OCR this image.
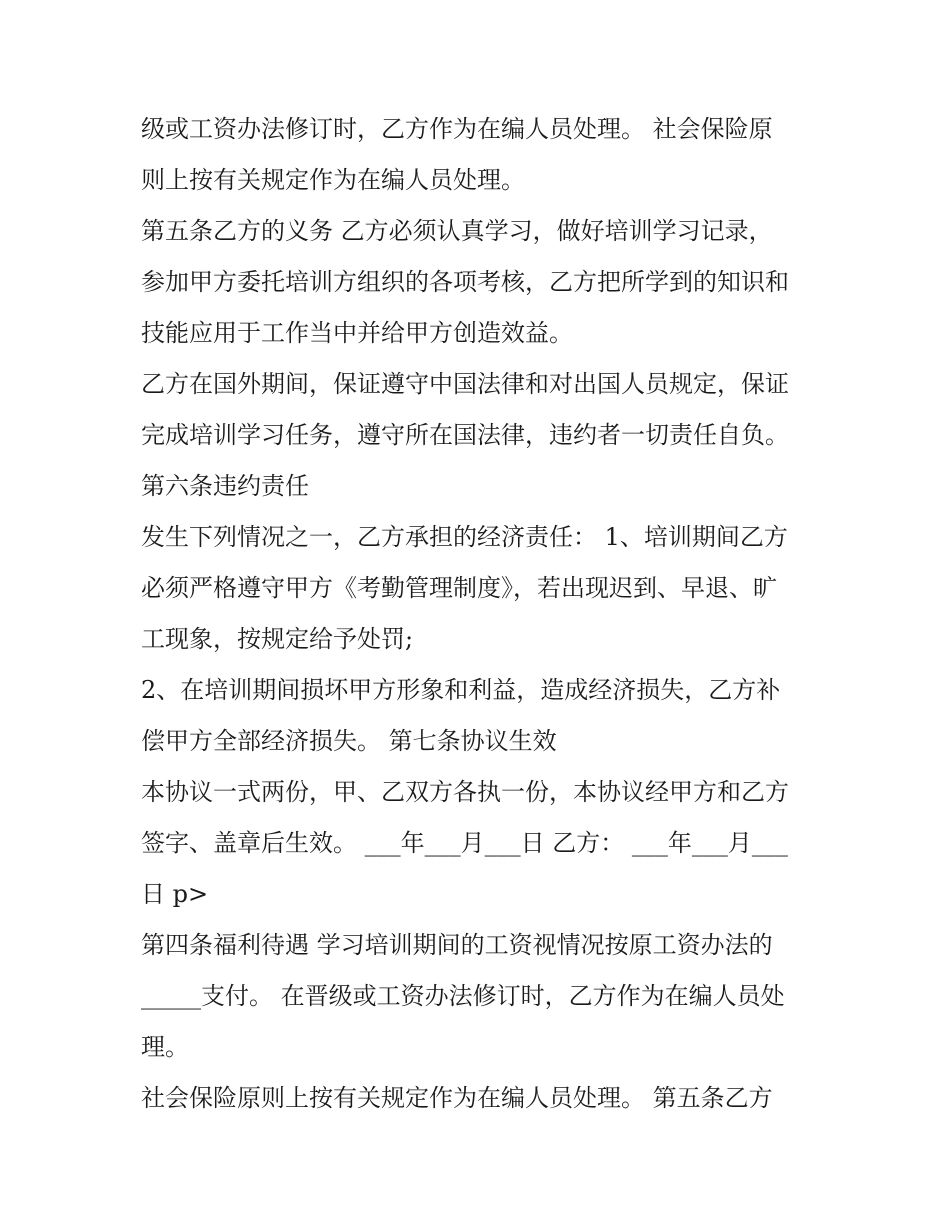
级或工资办法修订时，乙方作为在编人员处理。 社会保险原
则上按有关规定作为在编人员处理。
第五条乙方的义务 乙方必须认真学习，做好培训学习记录，
参加甲方委托培训方组织的各项考核，乙方把所学到的知识和
技能应用于工作当中并给甲方创造效益。
乙方在国外期间，保证遵守中国法律和对出国人员规定，保证
完成培训学习任务，遵守所在国法律，违约者一切责任自负。
第六条违约责任
发生下列情况之一，乙方承担的经济责任： 1、培训期间乙方
必须严格遵守甲方《考勤管理制度》，若出现迟到、早退、旷
工现象，按规定给予处罚;
2、在培训期间损坏甲方形象和利益，造成经济损失，乙方补
偿甲方全部经济损失。 第七条协议生效
本协议一式两份，甲、乙双方各执一份，本协议经甲方和乙方
签字、盖章后生效。 ___年___月___日 乙方： ___年___月___
日 p>
第四条福利待遇 学习培训期间的工资视情况按原工资办法的
_____支付。 在晋级或工资办法修订时，乙方作为在编人员处
理。
社会保险原则上按有关规定作为在编人员处理。 第五条乙方
